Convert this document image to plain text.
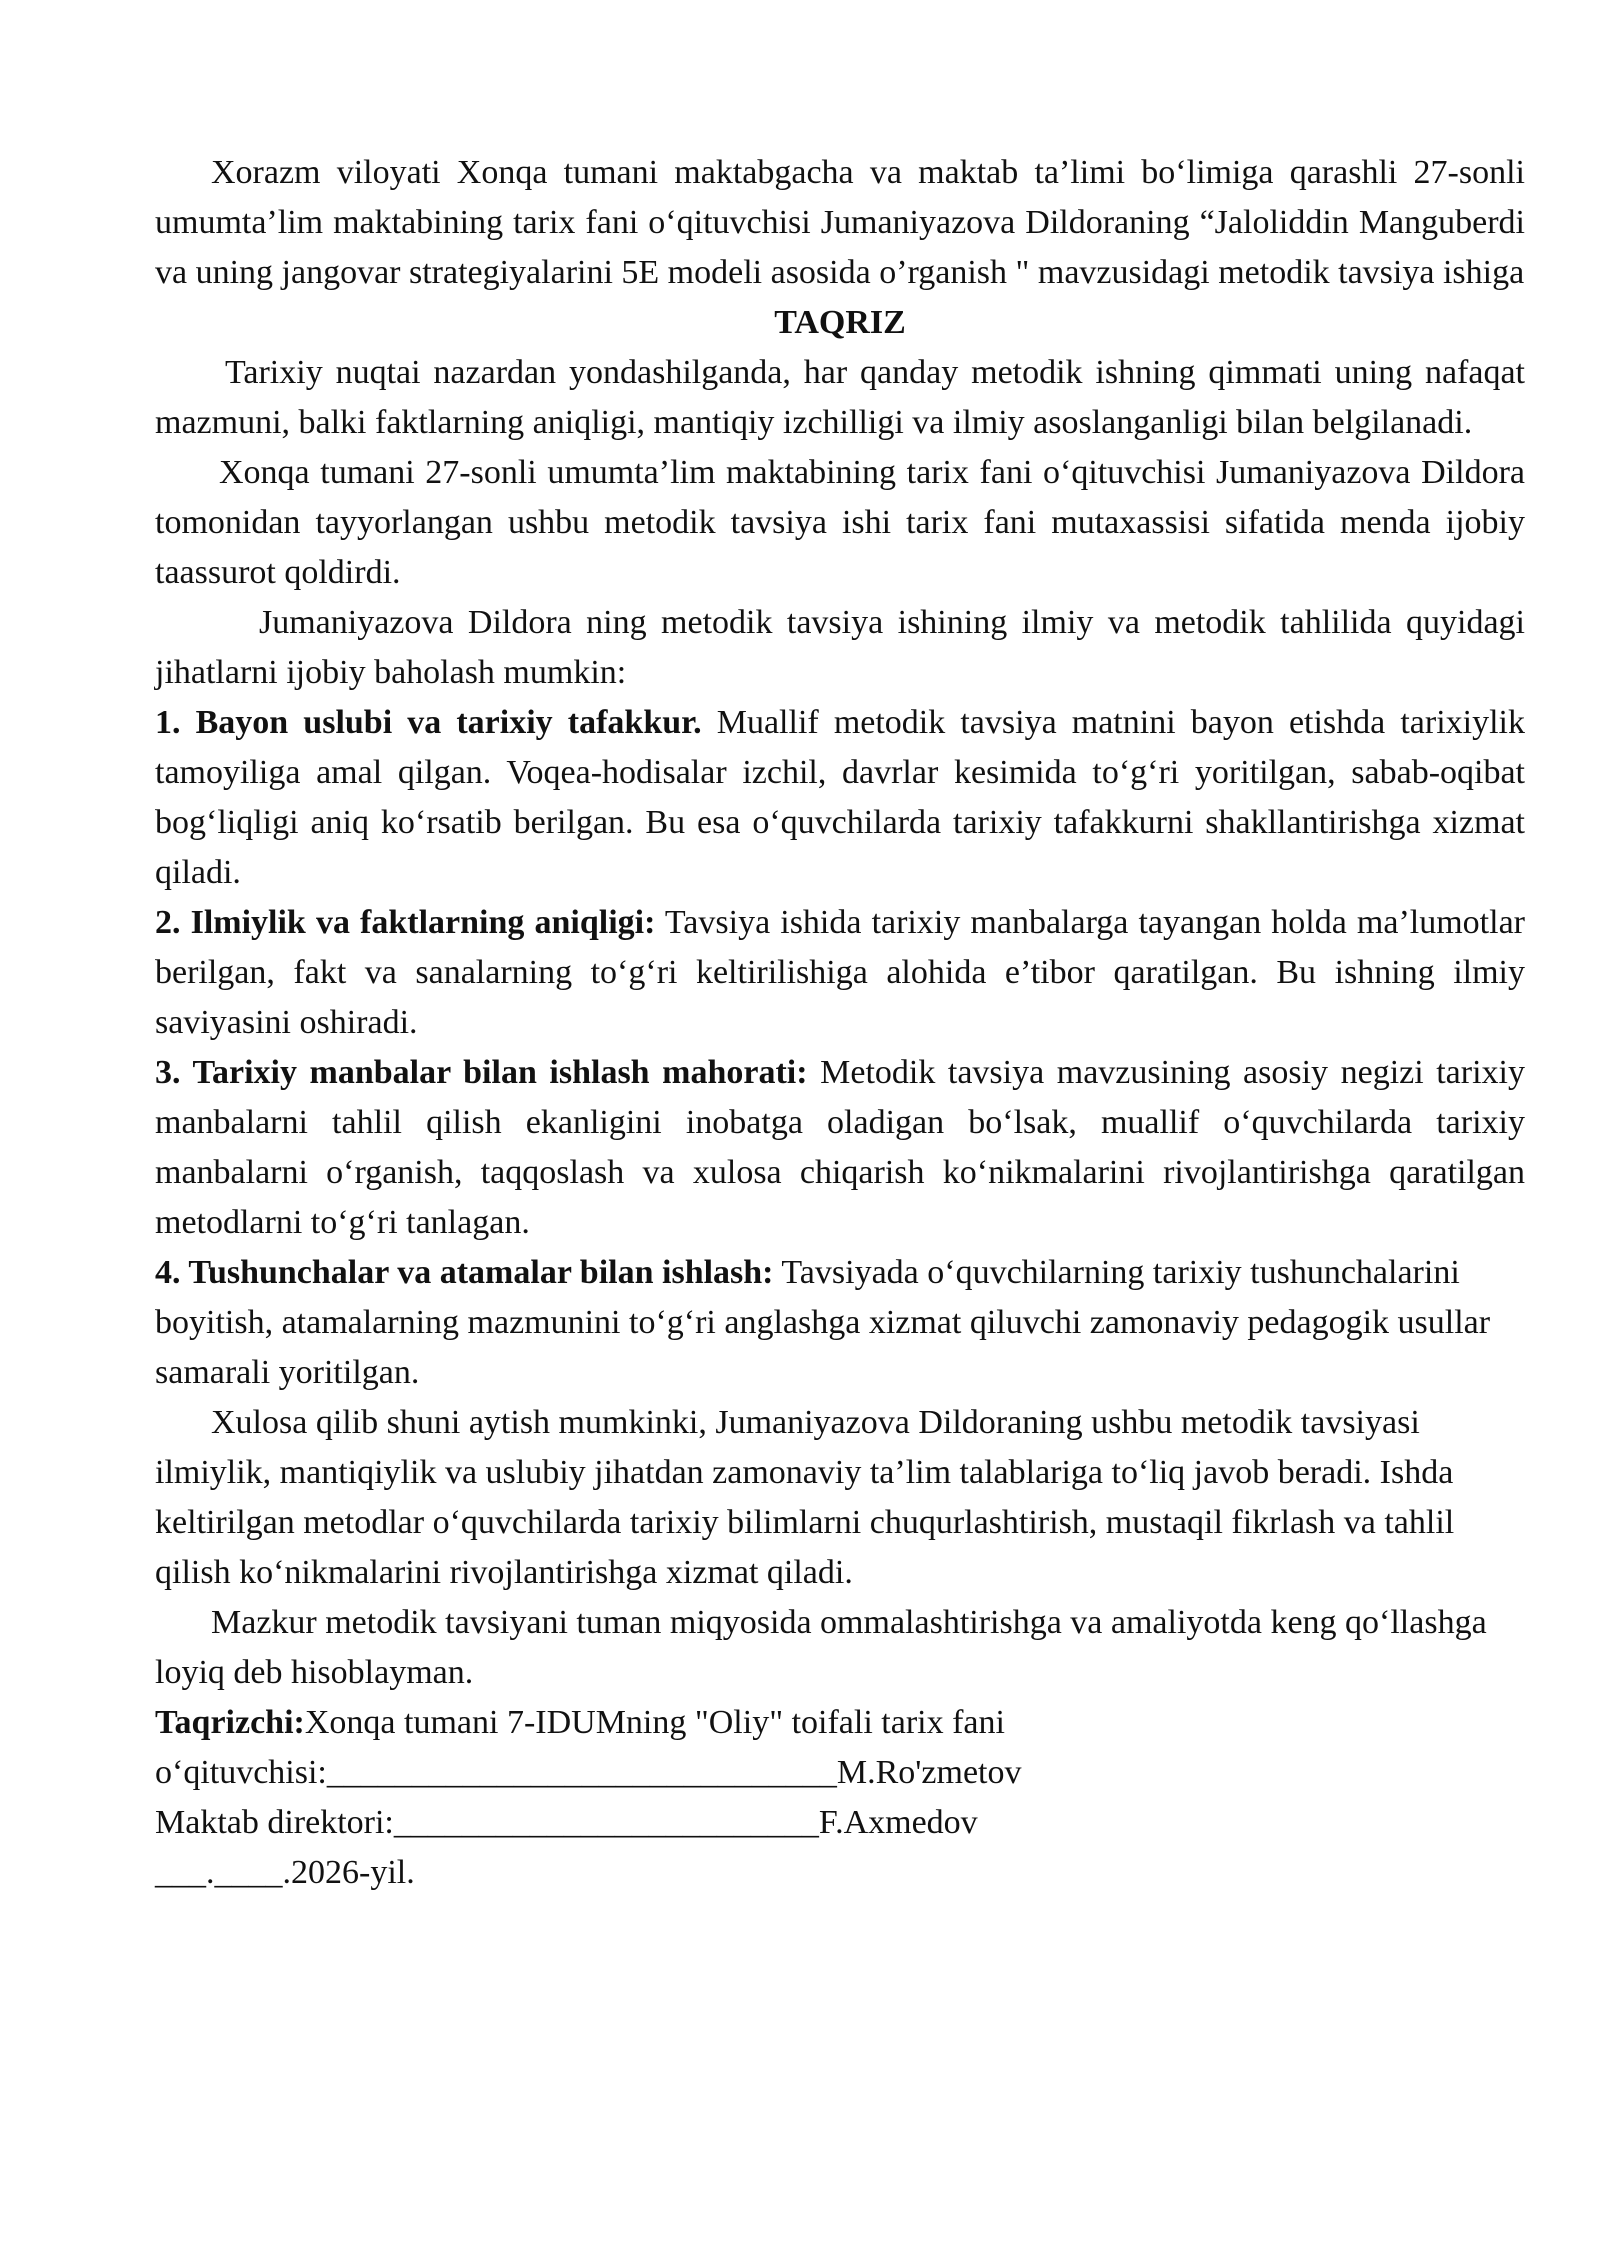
Xorazm viloyati Xonqa tumani maktabgacha va maktab ta’limi bo‘limiga qarashli 27-sonli umumta’lim maktabining tarix fani o‘qituvchisi Jumaniyazova Dildoraning “Jaloliddin Manguberdi va uning jangovar strategiyalarini 5E modeli asosida o’rganish " mavzusidagi metodik tavsiya ishiga

TAQRIZ

Tarixiy nuqtai nazardan yondashilganda, har qanday metodik ishning qimmati uning nafaqat mazmuni, balki faktlarning aniqligi, mantiqiy izchilligi va ilmiy asoslanganligi bilan belgilanadi.

Xonqa tumani 27-sonli umumta’lim maktabining tarix fani o‘qituvchisi Jumaniyazova Dildora tomonidan tayyorlangan ushbu metodik tavsiya ishi tarix fani mutaxassisi sifatida menda ijobiy taassurot qoldirdi.

Jumaniyazova Dildora ning metodik tavsiya ishining ilmiy va metodik tahlilida quyidagi jihatlarni ijobiy baholash mumkin:

1. Bayon uslubi va tarixiy tafakkur. Muallif metodik tavsiya matnini bayon etishda tarixiylik tamoyiliga amal qilgan. Voqea-hodisalar izchil, davrlar kesimida to‘g‘ri yoritilgan, sabab-oqibat bog‘liqligi aniq ko‘rsatib berilgan. Bu esa o‘quvchilarda tarixiy tafakkurni shakllantirishga xizmat qiladi.

2. Ilmiylik va faktlarning aniqligi: Tavsiya ishida tarixiy manbalarga tayangan holda ma’lumotlar berilgan, fakt va sanalarning to‘g‘ri keltirilishiga alohida e’tibor qaratilgan. Bu ishning ilmiy saviyasini oshiradi.

3. Tarixiy manbalar bilan ishlash mahorati: Metodik tavsiya mavzusining asosiy negizi tarixiy manbalarni tahlil qilish ekanligini inobatga oladigan bo‘lsak, muallif o‘quvchilarda tarixiy manbalarni o‘rganish, taqqoslash va xulosa chiqarish ko‘nikmalarini rivojlantirishga qaratilgan metodlarni to‘g‘ri tanlagan.

4. Tushunchalar va atamalar bilan ishlash: Tavsiyada o‘quvchilarning tarixiy tushunchalarini boyitish, atamalarning mazmunini to‘g‘ri anglashga xizmat qiluvchi zamonaviy pedagogik usullar samarali yoritilgan.

Xulosa qilib shuni aytish mumkinki, Jumaniyazova Dildoraning ushbu metodik tavsiyasi ilmiylik, mantiqiylik va uslubiy jihatdan zamonaviy ta’lim talablariga to‘liq javob beradi. Ishda keltirilgan metodlar o‘quvchilarda tarixiy bilimlarni chuqurlashtirish, mustaqil fikrlash va tahlil qilish ko‘nikmalarini rivojlantirishga xizmat qiladi.

Mazkur metodik tavsiyani tuman miqyosida ommalashtirishga va amaliyotda keng qo‘llashga loyiq deb hisoblayman.

Taqrizchi:Xonqa tumani 7-IDUMning "Oliy" toifali tarix fani

o‘qituvchisi:______________________________M.Ro'zmetov

Maktab direktori:_________________________F.Axmedov

___.____.2026-yil.
